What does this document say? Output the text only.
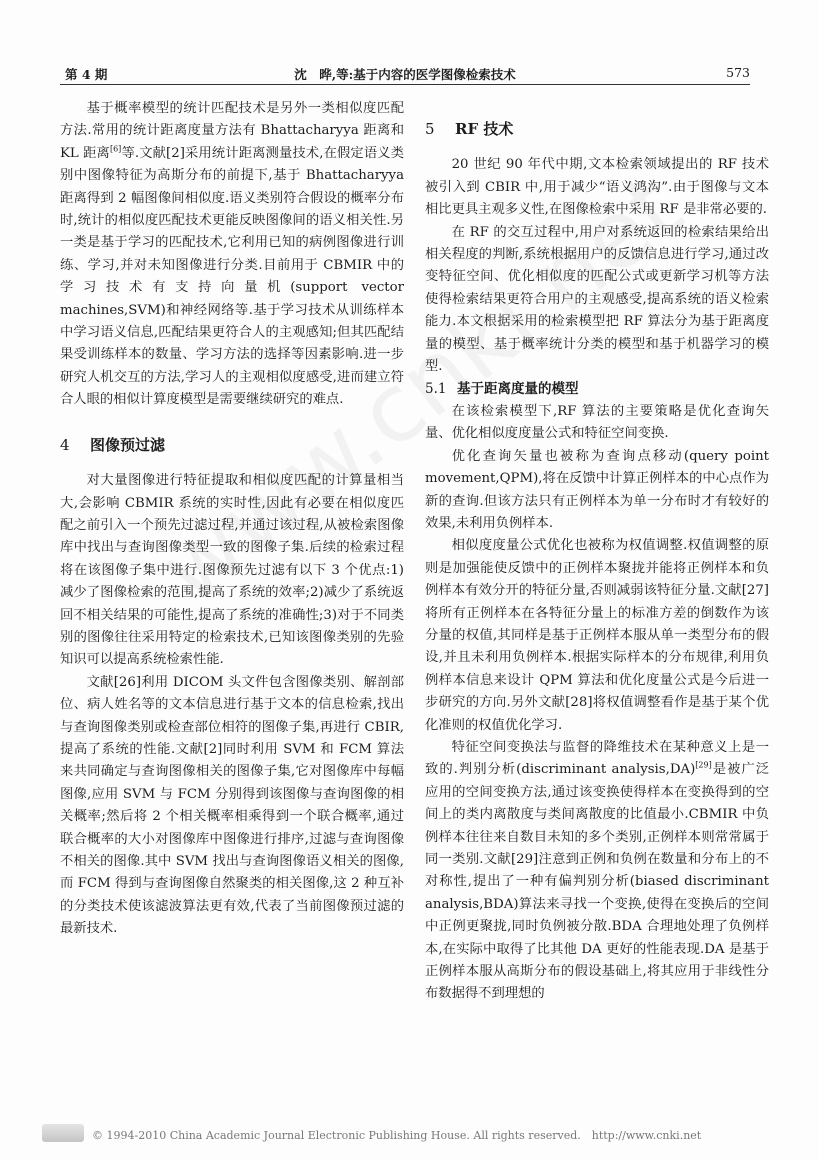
第 4 期	沈　晔,等:基于内容的医学图像检索技术	573

基于概率模型的统计匹配技术是另外一类相似度匹配方法.常用的统计距离度量方法有 Bhattacharyya 距离和 KL 距离[6]等.文献[2]采用统计距离测量技术,在假定语义类别中图像特征为高斯分布的前提下,基于 Bhattacharyya 距离得到 2 幅图像间相似度.语义类别符合假设的概率分布时,统计的相似度匹配技术更能反映图像间的语义相关性.另一类是基于学习的匹配技术,它利用已知的病例图像进行训练、学习,并对未知图像进行分类.目前用于 CBMIR 中的学习技术有支持向量机(support vector machines,SVM)和神经网络等.基于学习技术从训练样本中学习语义信息,匹配结果更符合人的主观感知;但其匹配结果受训练样本的数量、学习方法的选择等因素影响.进一步研究人机交互的方法,学习人的主观相似度感受,进而建立符合人眼的相似计算度模型是需要继续研究的难点.

4 图像预过滤

对大量图像进行特征提取和相似度匹配的计算量相当大,会影响 CBMIR 系统的实时性,因此有必要在相似度匹配之前引入一个预先过滤过程,并通过该过程,从被检索图像库中找出与查询图像类型一致的图像子集.后续的检索过程将在该图像子集中进行.图像预先过滤有以下 3 个优点:1)减少了图像检索的范围,提高了系统的效率;2)减少了系统返回不相关结果的可能性,提高了系统的准确性;3)对于不同类别的图像往往采用特定的检索技术,已知该图像类别的先验知识可以提高系统检索性能.

文献[26]利用 DICOM 头文件包含图像类别、解剖部位、病人姓名等的文本信息进行基于文本的信息检索,找出与查询图像类别或检查部位相符的图像子集,再进行 CBIR,提高了系统的性能.文献[2]同时利用 SVM 和 FCM 算法来共同确定与查询图像相关的图像子集,它对图像库中每幅图像,应用 SVM 与 FCM 分别得到该图像与查询图像的相关概率;然后将 2 个相关概率相乘得到一个联合概率,通过联合概率的大小对图像库中图像进行排序,过滤与查询图像不相关的图像.其中 SVM 找出与查询图像语义相关的图像,而 FCM 得到与查询图像自然聚类的相关图像,这 2 种互补的分类技术使该滤波算法更有效,代表了当前图像预过滤的最新技术.

5 RF 技术

20 世纪 90 年代中期,文本检索领域提出的 RF 技术被引入到 CBIR 中,用于减少“语义鸿沟”.由于图像与文本相比更具主观多义性,在图像检索中采用 RF 是非常必要的.

在 RF 的交互过程中,用户对系统返回的检索结果给出相关程度的判断,系统根据用户的反馈信息进行学习,通过改变特征空间、优化相似度的匹配公式或更新学习机等方法使得检索结果更符合用户的主观感受,提高系统的语义检索能力.本文根据采用的检索模型把 RF 算法分为基于距离度量的模型、基于概率统计分类的模型和基于机器学习的模型.

5.1 基于距离度量的模型

在该检索模型下,RF 算法的主要策略是优化查询矢量、优化相似度度量公式和特征空间变换.

优化查询矢量也被称为查询点移动(query point movement,QPM),将在反馈中计算正例样本的中心点作为新的查询.但该方法只有正例样本为单一分布时才有较好的效果,未利用负例样本.

相似度度量公式优化也被称为权值调整.权值调整的原则是加强能使反馈中的正例样本聚拢并能将正例样本和负例样本有效分开的特征分量,否则减弱该特征分量.文献[27]将所有正例样本在各特征分量上的标准方差的倒数作为该分量的权值,其同样是基于正例样本服从单一类型分布的假设,并且未利用负例样本.根据实际样本的分布规律,利用负例样本信息来设计 QPM 算法和优化度量公式是今后进一步研究的方向.另外文献[28]将权值调整看作是基于某个优化准则的权值优化学习.

特征空间变换法与监督的降维技术在某种意义上是一致的.判别分析(discriminant analysis,DA)[29]是被广泛应用的空间变换方法,通过该变换使得样本在变换得到的空间上的类内离散度与类间离散度的比值最小.CBMIR 中负例样本往往来自数目未知的多个类别,正例样本则常常属于同一类别.文献[29]注意到正例和负例在数量和分布上的不对称性,提出了一种有偏判别分析(biased discriminant analysis,BDA)算法来寻找一个变换,使得在变换后的空间中正例更聚拢,同时负例被分散.BDA 合理地处理了负例样本,在实际中取得了比其他 DA 更好的性能表现.DA 是基于正例样本服从高斯分布的假设基础上,将其应用于非线性分布数据得不到理想的

© 1994-2010 China Academic Journal Electronic Publishing House. All rights reserved.　http://www.cnki.net
